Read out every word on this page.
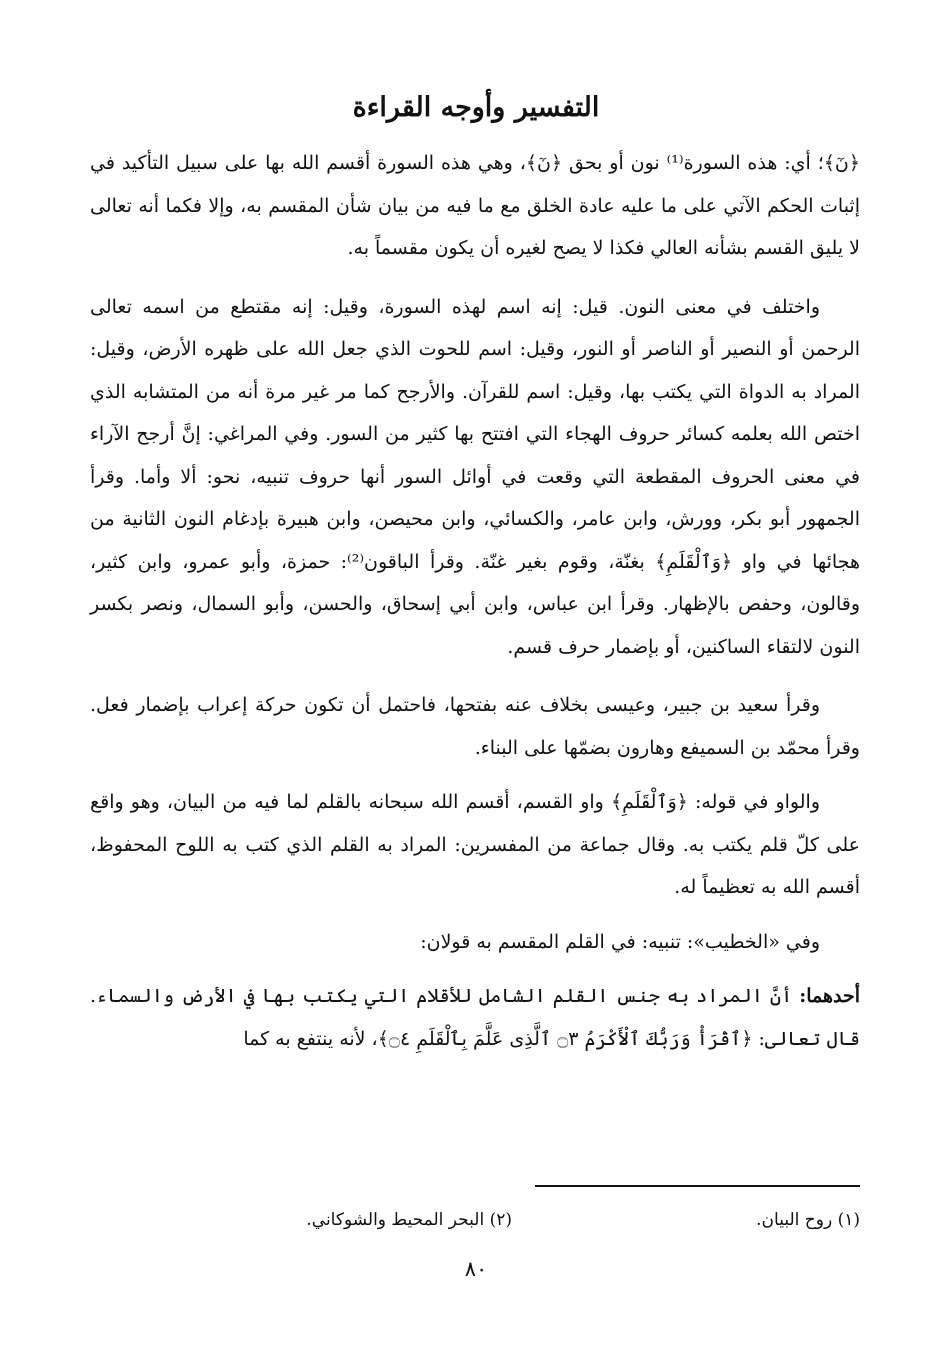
التفسير وأوجه القراءة

﴿نٓ﴾؛ أي: هذه السورة⁽¹⁾ نون أو بحق ﴿نٓ﴾، وهي هذه السورة أقسم الله بها على سبيل التأكيد في إثبات الحكم الآتي على ما عليه عادة الخلق مع ما فيه من بيان شأن المقسم به، وإلا فكما أنه تعالى لا يليق القسم بشأنه العالي فكذا لا يصح لغيره أن يكون مقسماً به.

واختلف في معنى النون. قيل: إنه اسم لهذه السورة، وقيل: إنه مقتطع من اسمه تعالى الرحمن أو النصير أو الناصر أو النور، وقيل: اسم للحوت الذي جعل الله على ظهره الأرض، وقيل: المراد به الدواة التي يكتب بها، وقيل: اسم للقرآن. والأرجح كما مر غير مرة أنه من المتشابه الذي اختص الله بعلمه كسائر حروف الهجاء التي افتتح بها كثير من السور. وفي المراغي: إنَّ أرجح الآراء في معنى الحروف المقطعة التي وقعت في أوائل السور أنها حروف تنبيه، نحو: ألا وأما. وقرأ الجمهور أبو بكر، وورش، وابن عامر، والكسائي، وابن محيصن، وابن هبيرة بإدغام النون الثانية من هجائها في واو ﴿وَٱلْقَلَمِ﴾ بغنّة، وقوم بغير غنّة. وقرأ الباقون⁽²⁾: حمزة، وأبو عمرو، وابن كثير، وقالون، وحفص بالإظهار. وقرأ ابن عباس، وابن أبي إسحاق، والحسن، وأبو السمال، ونصر بكسر النون لالتقاء الساكنين، أو بإضمار حرف قسم.

وقرأ سعيد بن جبير، وعيسى بخلاف عنه بفتحها، فاحتمل أن تكون حركة إعراب بإضمار فعل. وقرأ محمّد بن السميفع وهارون بضمّها على البناء.

والواو في قوله: ﴿وَٱلْقَلَمِ﴾ واو القسم، أقسم الله سبحانه بالقلم لما فيه من البيان، وهو واقع على كلّ قلم يكتب به. وقال جماعة من المفسرين: المراد به القلم الذي كتب به اللوح المحفوظ، أقسم الله به تعظيماً له.

وفي «الخطيب»: تنبيه: في القلم المقسم به قولان:

أحدهما: أنَّ المراد به جنس القلم الشامل للأقلام التي يكتب بها في الأرض والسماء. قال تعالى: ﴿ٱقْرَأْ وَرَبُّكَ ٱلْأَكْرَمُ ۝٣ ٱلَّذِى عَلَّمَ بِٱلْقَلَمِ ۝٤﴾، لأنه ينتفع به كما

(١) روح البيان.
(٢) البحر المحيط والشوكاني.
٨٠
